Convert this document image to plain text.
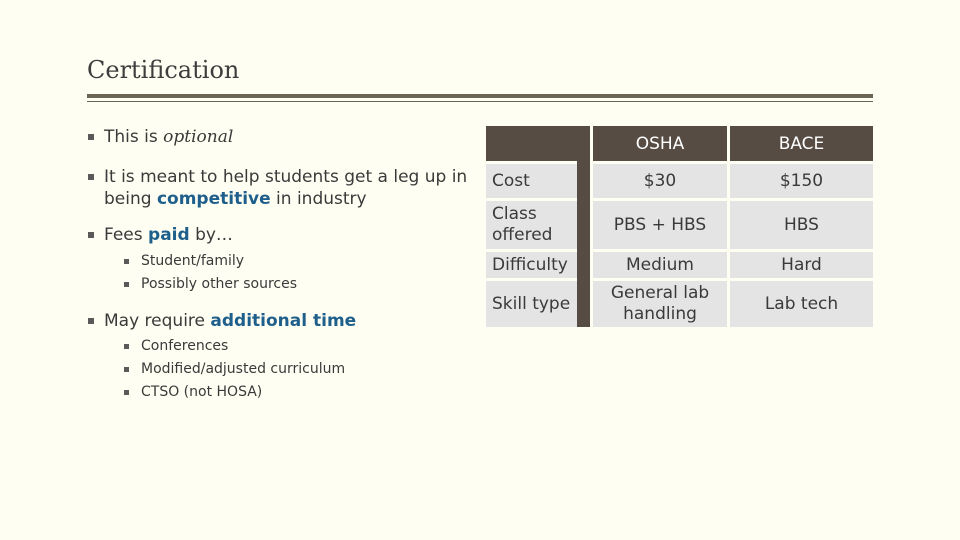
Certification
This is optional
It is meant to help students get a leg up in being competitive in industry
Fees paid by…
Student/family
Possibly other sources
May require additional time
Conferences
Modified/adjusted curriculum
CTSO (not HOSA)
		OSHA	BACE
Cost		$30	$150
Class offered		PBS + HBS	HBS
Difficulty		Medium	Hard
Skill type		General lab handling	Lab tech
